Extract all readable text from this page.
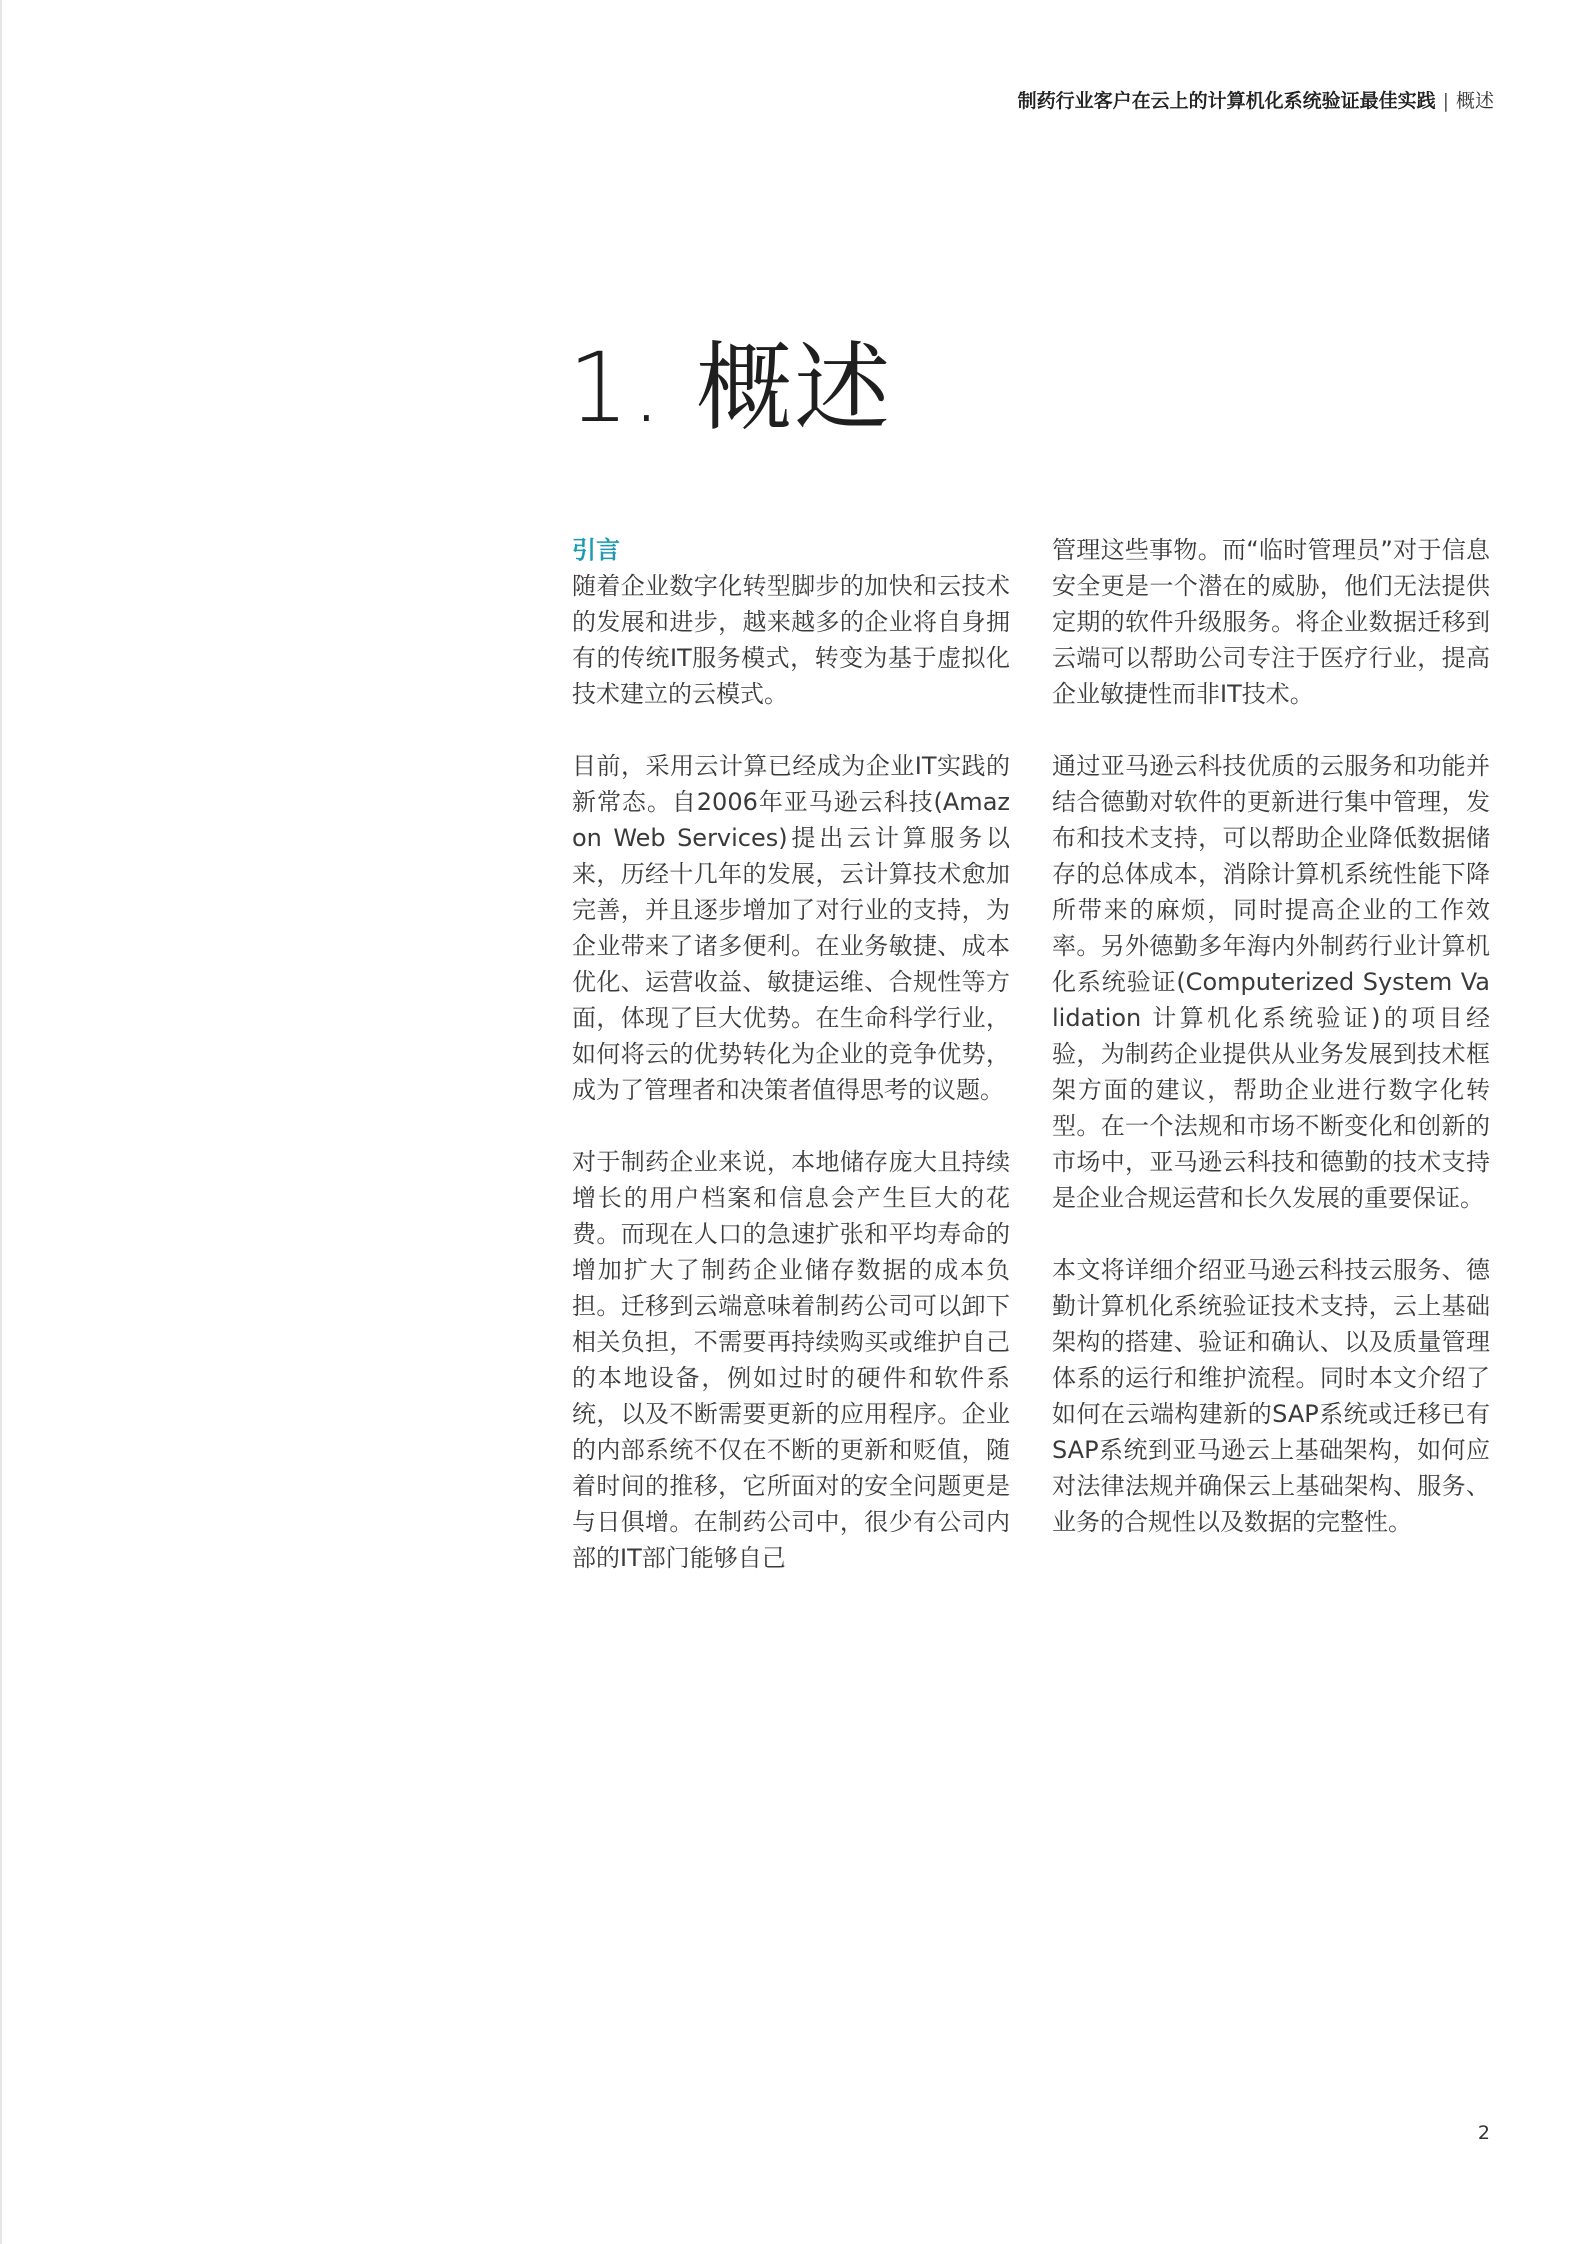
制药行业客户在云上的计算机化系统验证最佳实践 | 概述
1. 概述
引言

随着企业数字化转型脚步的加快和云技术的发展和进步，越来越多的企业将自身拥有的传统IT服务模式，转变为基于虚拟化技术建立的云模式。

目前，采用云计算已经成为企业IT实践的新常态。自2006年亚马逊云科技(Amazon Web Services)提出云计算服务以来，历经十几年的发展，云计算技术愈加完善，并且逐步增加了对行业的支持，为企业带来了诸多便利。在业务敏捷、成本优化、运营收益、敏捷运维、合规性等方面，体现了巨大优势。在生命科学行业，如何将云的优势转化为企业的竞争优势，成为了管理者和决策者值得思考的议题。

对于制药企业来说，本地储存庞大且持续增长的用户档案和信息会产生巨大的花费。而现在人口的急速扩张和平均寿命的增加扩大了制药企业储存数据的成本负担。迁移到云端意味着制药公司可以卸下相关负担，不需要再持续购买或维护自己的本地设备，例如过时的硬件和软件系统，以及不断需要更新的应用程序。企业的内部系统不仅在不断的更新和贬值，随着时间的推移，它所面对的安全问题更是与日俱增。在制药公司中，很少有公司内部的IT部门能够自己

管理这些事物。而“临时管理员”对于信息安全更是一个潜在的威胁，他们无法提供定期的软件升级服务。将企业数据迁移到云端可以帮助公司专注于医疗行业，提高企业敏捷性而非IT技术。

通过亚马逊云科技优质的云服务和功能并结合德勤对软件的更新进行集中管理，发布和技术支持，可以帮助企业降低数据储存的总体成本，消除计算机系统性能下降所带来的麻烦，同时提高企业的工作效率。另外德勤多年海内外制药行业计算机化系统验证(Computerized System Validation 计算机化系统验证)的项目经验，为制药企业提供从业务发展到技术框架方面的建议，帮助企业进行数字化转型。在一个法规和市场不断变化和创新的市场中，亚马逊云科技和德勤的技术支持是企业合规运营和长久发展的重要保证。

本文将详细介绍亚马逊云科技云服务、德勤计算机化系统验证技术支持，云上基础架构的搭建、验证和确认、以及质量管理体系的运行和维护流程。同时本文介绍了如何在云端构建新的SAP系统或迁移已有SAP系统到亚马逊云上基础架构，如何应对法律法规并确保云上基础架构、服务、业务的合规性以及数据的完整性。

2
